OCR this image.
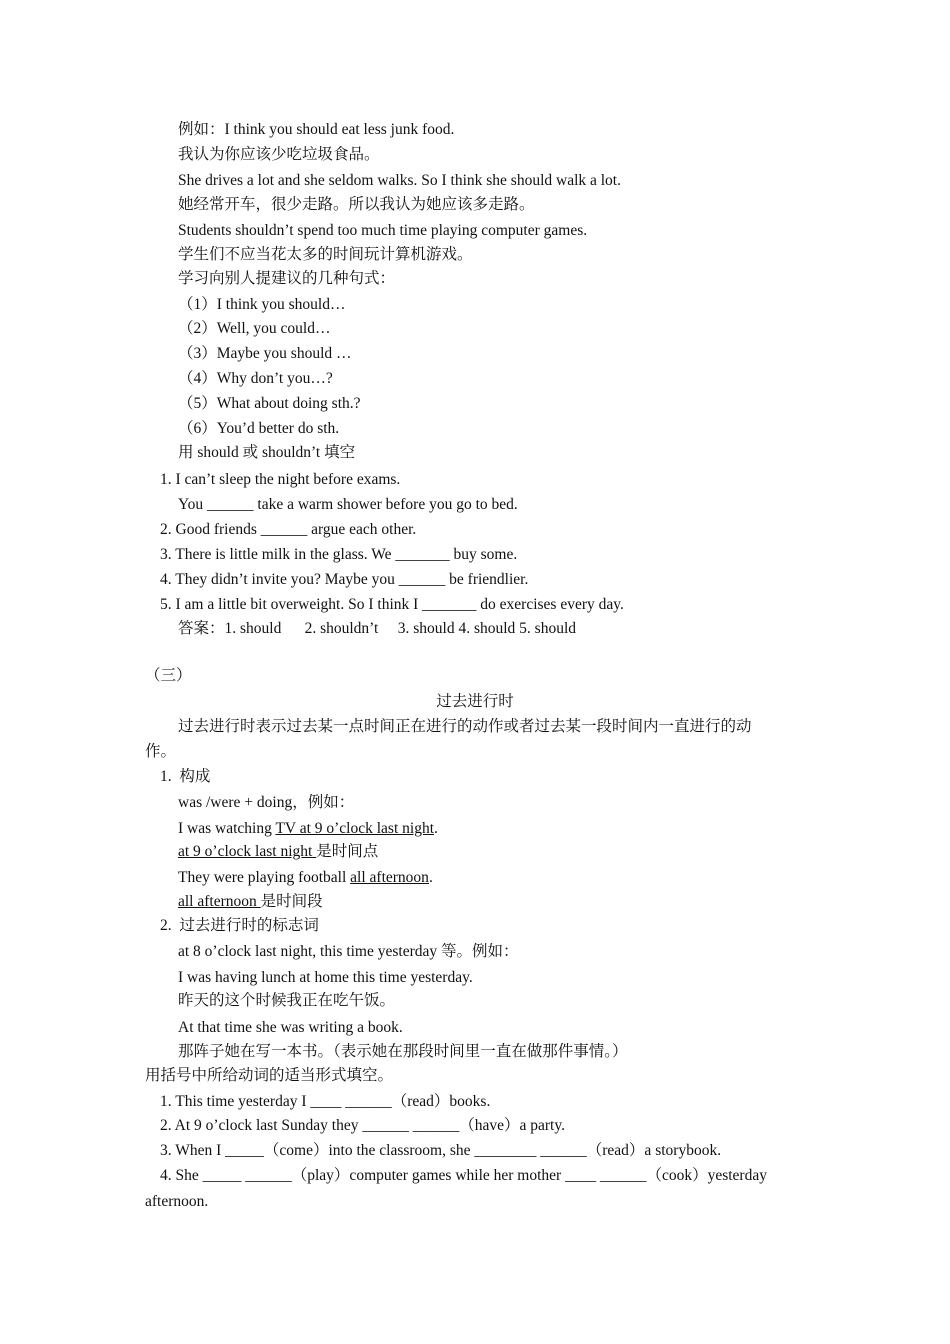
例如：I think you should eat less junk food.
我认为你应该少吃垃圾食品。
She drives a lot and she seldom walks. So I think she should walk a lot.
她经常开车，很少走路。所以我认为她应该多走路。
Students shouldn’t spend too much time playing computer games.
学生们不应当花太多的时间玩计算机游戏。
学习向别人提建议的几种句式：
（1）I think you should…
（2）Well, you could…
（3）Maybe you should …
（4）Why don’t you…?
（5）What about doing sth.?
（6）You’d better do sth.
用 should 或 shouldn’t 填空
1. I can’t sleep the night before exams.
You ______ take a warm shower before you go to bed.
2. Good friends ______ argue each other.
3. There is little milk in the glass. We _______ buy some.
4. They didn’t invite you? Maybe you ______ be friendlier.
5. I am a little bit overweight. So I think I _______ do exercises every day.
答案：1. should      2. shouldn’t     3. should 4. should 5. should
（三）
过去进行时
过去进行时表示过去某一点时间正在进行的动作或者过去某一段时间内一直进行的动
作。
1.  构成
was /were + doing，例如：
I was watching TV at 9 o’clock last night.
at 9 o’clock last night 是时间点
They were playing football all afternoon.
all afternoon 是时间段
2.  过去进行时的标志词
at 8 o’clock last night, this time yesterday 等。例如：
I was having lunch at home this time yesterday.
昨天的这个时候我正在吃午饭。
At that time she was writing a book.
那阵子她在写一本书。（表示她在那段时间里一直在做那件事情。）
用括号中所给动词的适当形式填空。
1. This time yesterday I ____ ______（read）books.
2. At 9 o’clock last Sunday they ______ ______（have）a party.
3. When I _____（come）into the classroom, she ________ ______（read）a storybook.
4. She _____ ______（play）computer games while her mother ____ ______（cook）yesterday
afternoon.
